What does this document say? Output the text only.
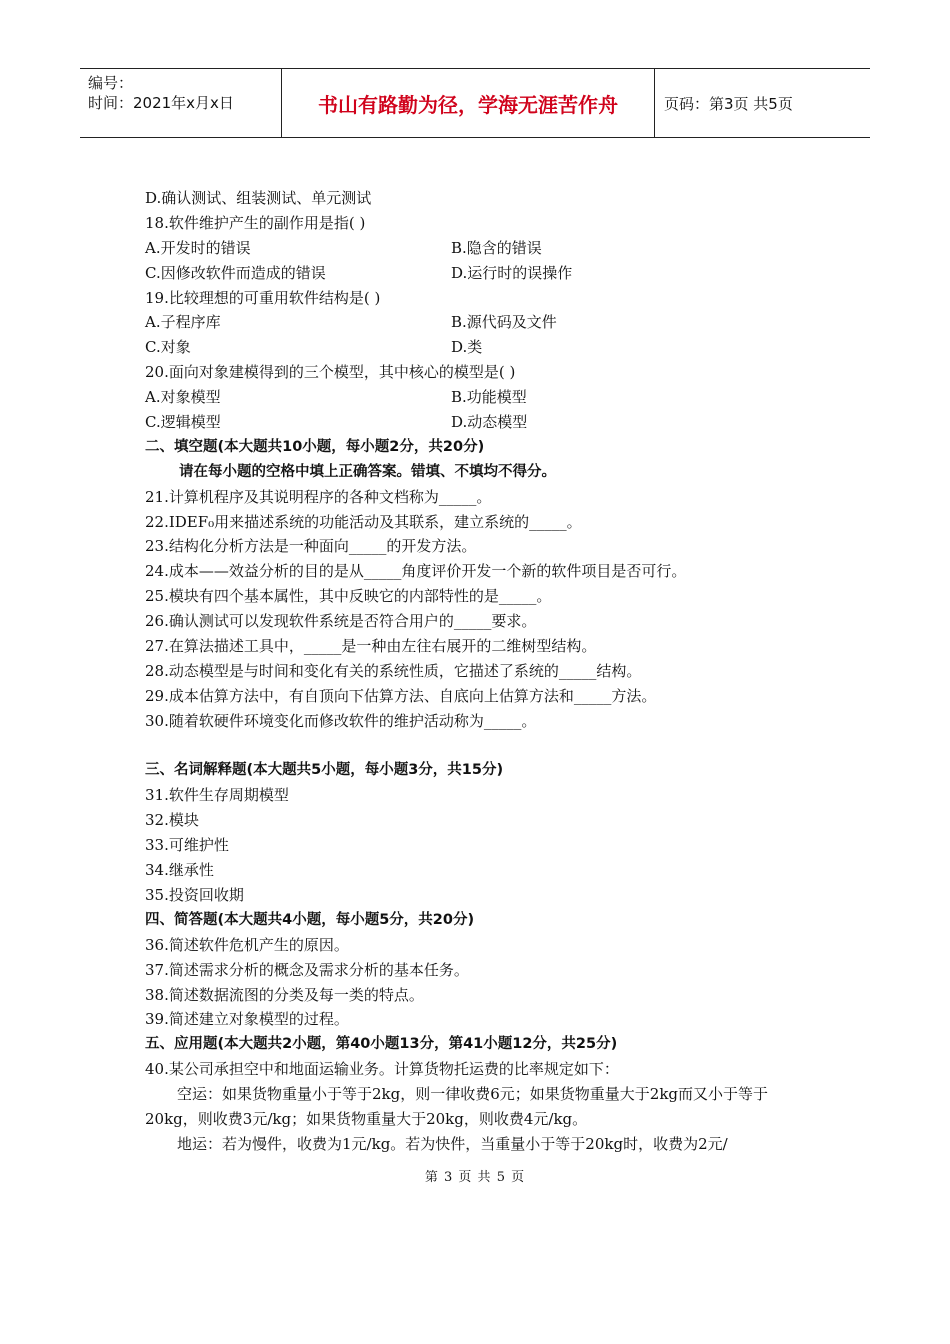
编号：
时间：2021年x月x日	书山有路勤为径，学海无涯苦作舟	页码：第3页 共5页
D.确认测试、组装测试、单元测试
18.软件维护产生的副作用是指( )
A.开发时的错误	B.隐含的错误
C.因修改软件而造成的错误	D.运行时的误操作
19.比较理想的可重用软件结构是( )
A.子程序库	B.源代码及文件
C.对象	D.类
20.面向对象建模得到的三个模型，其中核心的模型是( )
A.对象模型	B.功能模型
C.逻辑模型	D.动态模型
二、填空题(本大题共10小题，每小题2分，共20分)
请在每小题的空格中填上正确答案。错填、不填均不得分。
21.计算机程序及其说明程序的各种文档称为_____。
22.IDEF₀用来描述系统的功能活动及其联系，建立系统的_____。
23.结构化分析方法是一种面向_____的开发方法。
24.成本——效益分析的目的是从_____角度评价开发一个新的软件项目是否可行。
25.模块有四个基本属性，其中反映它的内部特性的是_____。
26.确认测试可以发现软件系统是否符合用户的_____要求。
27.在算法描述工具中，_____是一种由左往右展开的二维树型结构。
28.动态模型是与时间和变化有关的系统性质，它描述了系统的_____结构。
29.成本估算方法中，有自顶向下估算方法、自底向上估算方法和_____方法。
30.随着软硬件环境变化而修改软件的维护活动称为_____。
三、名词解释题(本大题共5小题，每小题3分，共15分)
31.软件生存周期模型
32.模块
33.可维护性
34.继承性
35.投资回收期
四、简答题(本大题共4小题，每小题5分，共20分)
36.简述软件危机产生的原因。
37.简述需求分析的概念及需求分析的基本任务。
38.简述数据流图的分类及每一类的特点。
39.简述建立对象模型的过程。
五、应用题(本大题共2小题，第40小题13分，第41小题12分，共25分)
40.某公司承担空中和地面运输业务。计算货物托运费的比率规定如下：
空运：如果货物重量小于等于2kg，则一律收费6元；如果货物重量大于2kg而又小于等于20kg，则收费3元/kg；如果货物重量大于20kg，则收费4元/kg。
地运：若为慢件，收费为1元/kg。若为快件，当重量小于等于20kg时，收费为2元/
第 3 页 共 5 页
